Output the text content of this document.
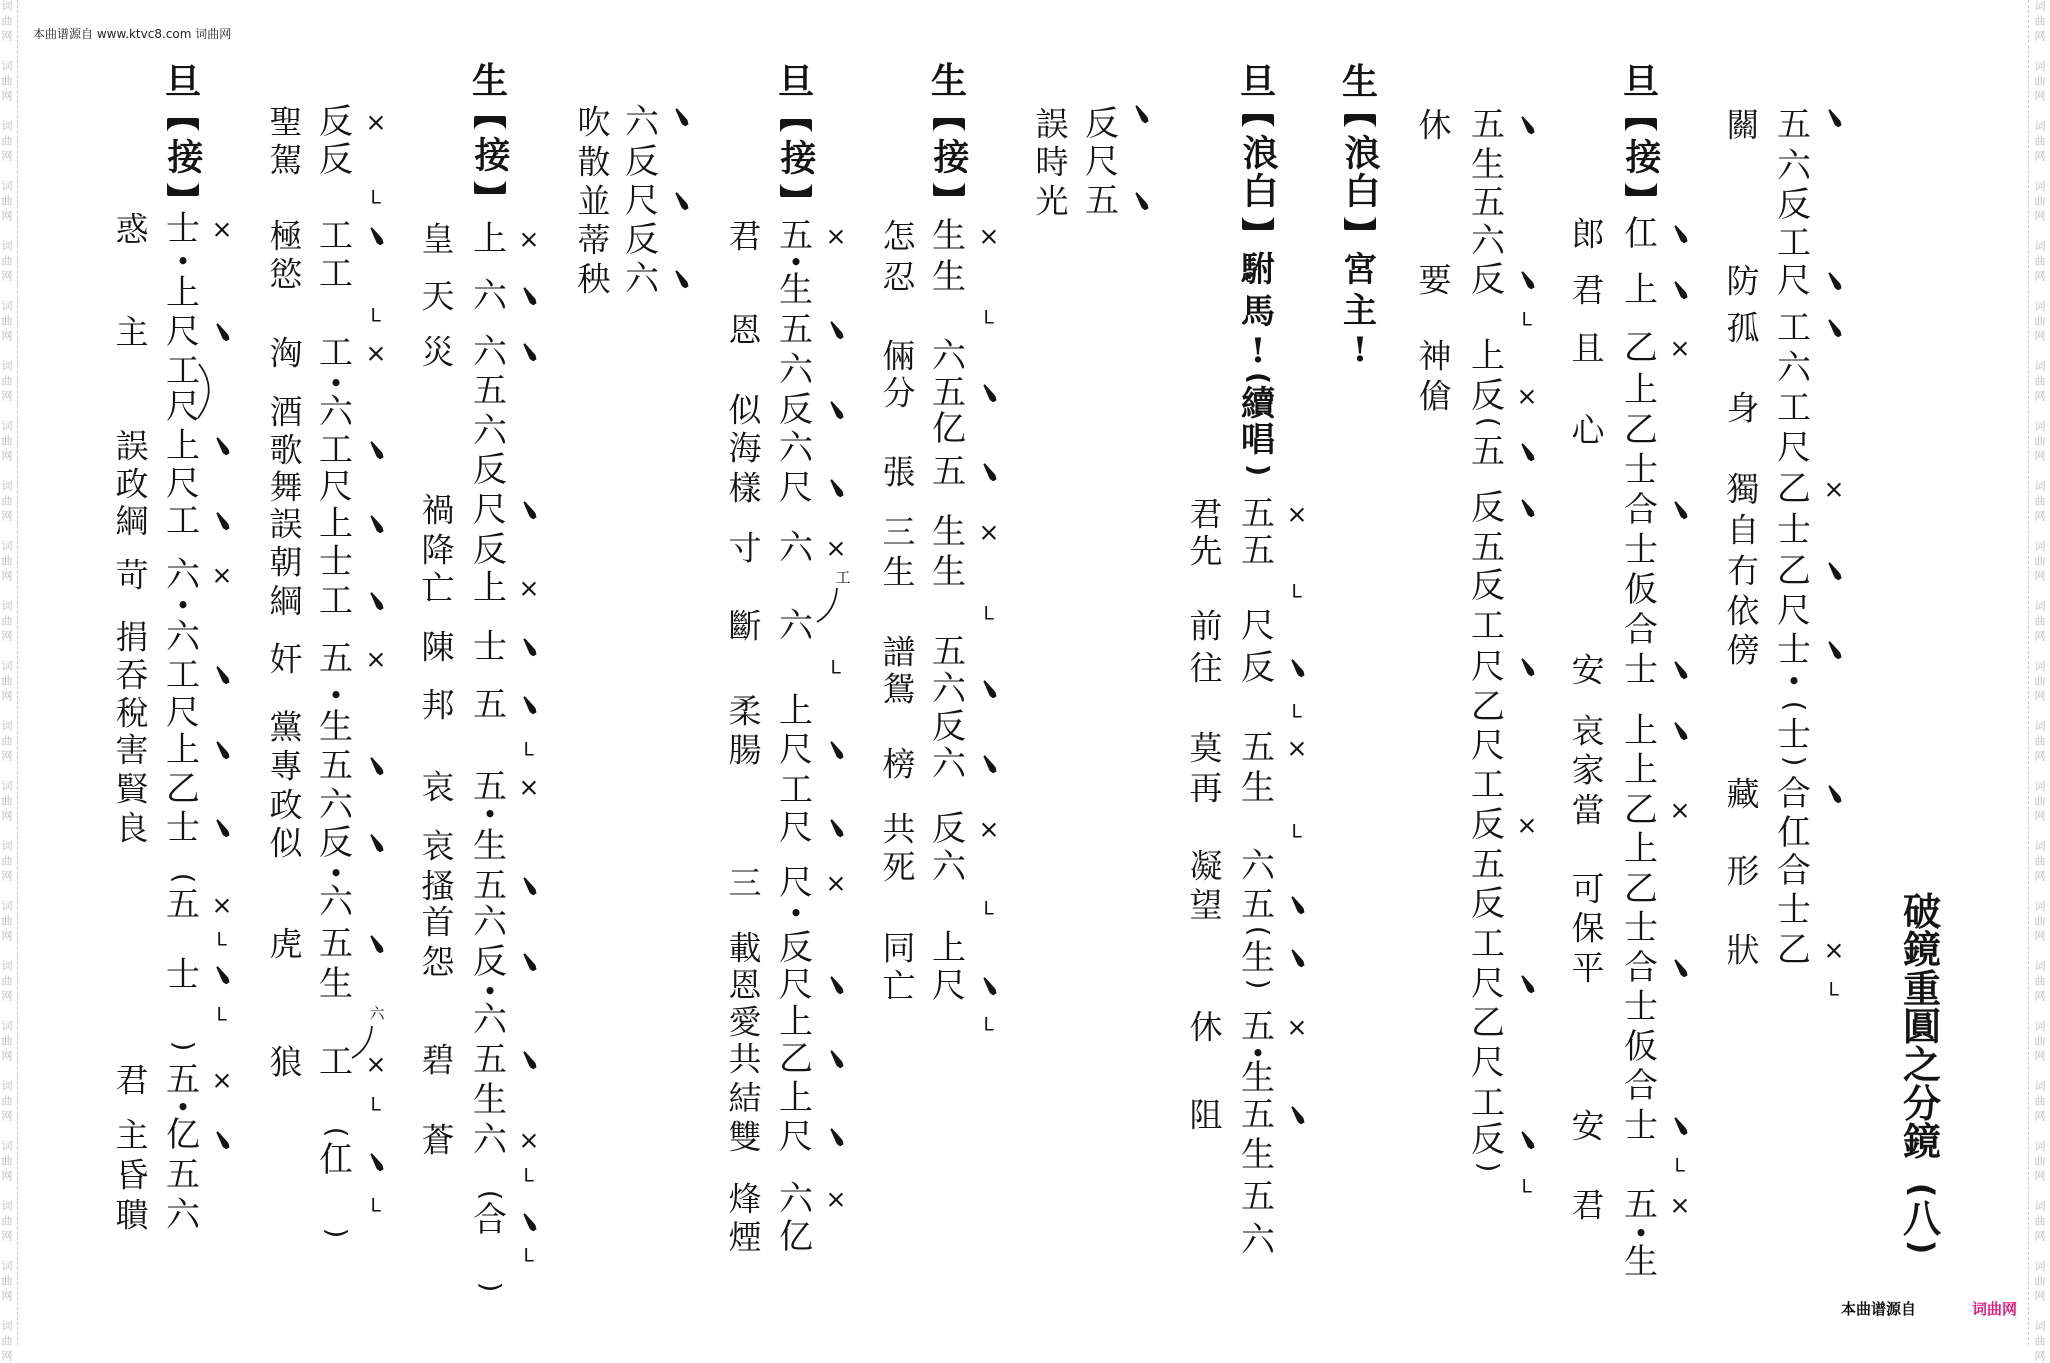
词
曲
网
词
曲
网
词
曲
网
词
曲
网
词
曲
网
词
曲
网
词
曲
网
词
曲
网
词
曲
网
词
曲
网
词
曲
网
词
曲
网
词
曲
网
词
曲
网
词
曲
网
词
曲
网
词
曲
网
词
曲
网
词
曲
网
词
曲
网
词
曲
网
词
曲
网
词
曲
网
词
曲
网
词
曲
网
词
曲
网
词
曲
网
词
曲
网
词
曲
网
词
曲
网
词
曲
网
词
曲
网
词
曲
网
词
曲
网
词
曲
网
词
曲
网
词
曲
网
词
曲
网
词
曲
网
词
曲
网
词
曲
网
词
曲
网
词
曲
网
词
曲
网
词
曲
网
词
曲
网
本曲谱源自 www.ktvc8.com 词曲网
破
鏡
重
圓
之
分
鏡
(
八
)
五
六
反
工
尺
工
六
工
尺
乙
士
乙
尺
士
•
(
士
)
合
仜
合
士
乙
關
防
孤
身
獨
自
冇
依
傍
藏
形
狀
×
×
L
旦
接
仜
上
乙
上
乙
士
合
士
仮
合
士
上
上
乙
上
乙
士
合
士
仮
合
士
五
•
生
郎
君
且
心
安
哀
家
當
可
保
平
安
君
×
×
L
×
五
生
五
六
反
上
反
(
五
反
五
反
工
尺
乙
尺
工
反
五
反
工
尺
乙
尺
工
反
)
休
要
神
傖
L
×
×
L
生
浪白
宮
主
!
旦
浪白
駙
馬
!
(
續
唱
)
五
五
尺
反
五
生
六
五
(
生
)
五
•
生
五
生
五
六
君
先
前
往
莫
再
凝
望
休
阻
×
L
L
×
L
×
反
尺
五
誤
時
光
生
接
生
生
六
五
亿
五
生
生
五
六
反
六
反
六
上
尺
怎
忍
倆
分
張
三
生
譜
鴛
榜
共
死
同
亡
×
L
×
L
×
L
L
旦
接
五
•
生
五
六
反
六
尺
六
六
上
尺
工
尺
尺
•
反
尺
上
乙
上
尺
六
亿
君
恩
似
海
樣
寸
斷
柔
腸
三
載
恩
愛
共
結
雙
烽
煙
×
×
L
×
×
工
六
反
尺
反
六
吹
散
並
蒂
秧
生
接
上
六
六
五
六
反
尺
反
上
士
五
五
•
生
五
六
反
•
六
五
生
六
(
合
)
皇
天
災
禍
降
亡
陳
邦
哀
哀
搔
首
怨
碧
蒼
×
×
L
×
×
L
L
反
反
工
工
工
•
六
工
尺
上
士
工
五
•
生
五
六
反
•
六
五
生
工
(
仜
)
聖
駕
極
慾
洶
酒
歌
舞
誤
朝
綱
奸
黨
專
政
似
虎
狼
×
L
L
×
×
×
L
L
六
旦
接
士
•
上
尺
工
尺
上
尺
工
六
•
六
工
尺
上
乙
士
(
五
士
)
五
•
亿
五
六
惑
主
誤
政
綱
苛
捐
吞
稅
害
賢
良
君
主
昏
聵
×
×
×
L
L
×
本曲谱源自	词曲网
